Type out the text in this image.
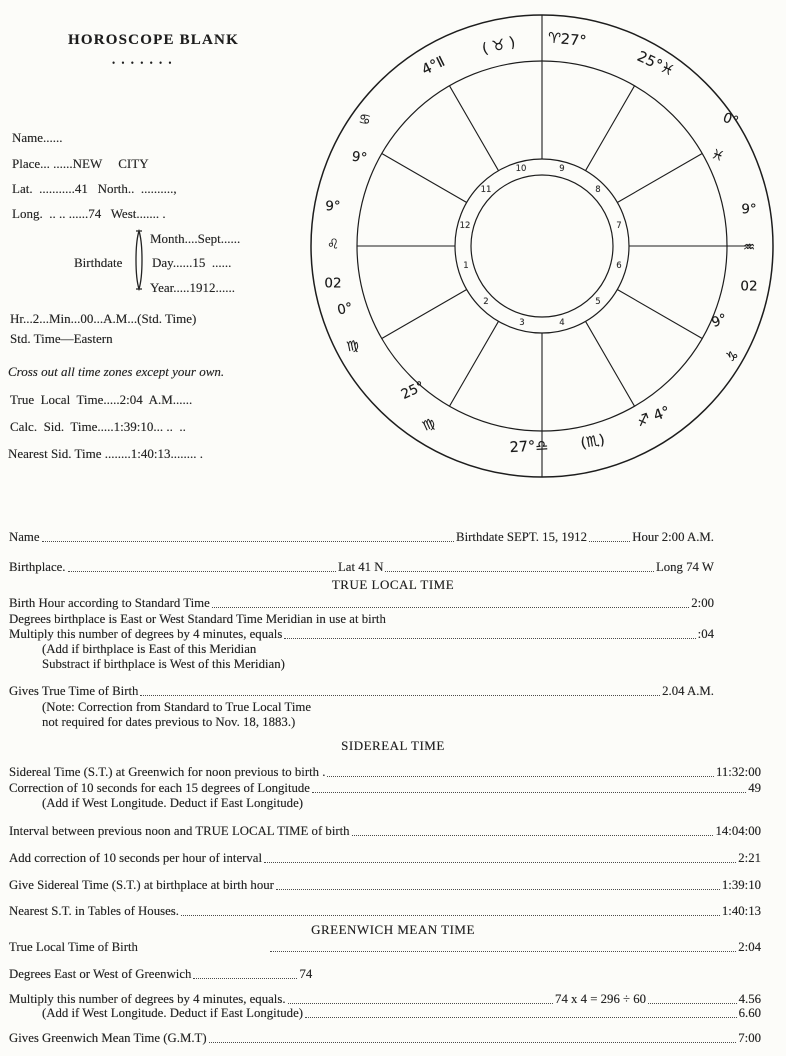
HOROSCOPE BLANK
• • • • • • •
Name......
Place... ......NEW     CITY
Lat.  ...........41   North..  ..........,
Long.  .. .. ......74   West....... .
Birthdate
Month....Sept......
Day......15  ......
Year.....1912......
Hr...2...Min...00...A.M...(Std. Time)
Std. Time—Eastern
Cross out all time zones except your own.
True  Local  Time.....2:04  A.M......
Calc.  Sid.  Time.....1:39:10... ..  ..
Nearest Sid. Time ........1:40:13........ .
1
2
3	4
5
6
7
8
9
10
11
12
4°Ⅱ
( ♉ ) ♈27°
25°♓

0°

♓

9°

♒

02

9°

♑

♐ 4°
(♏)
27°♎

25°

♍

0°

♍

9°

♌

02

♋

9°

Name	Birthdate SEPT. 15, 1912	Hour 2:00 A.M.
Birthplace.	Lat 41 N	Long 74 W
TRUE LOCAL TIME
Birth Hour according to Standard Time	2:00
Degrees birthplace is East or West Standard Time Meridian in use at birth
Multiply this number of degrees by 4 minutes, equals	:04
(Add if birthplace is East of this Meridian
Substract if birthplace is West of this Meridian)
Gives True Time of Birth	2.04 A.M.
(Note: Correction from Standard to True Local Time
not required for dates previous to Nov. 18, 1883.)
SIDEREAL TIME
Sidereal Time (S.T.) at Greenwich for noon previous to birth .	11:32:00
Correction of 10 seconds for each 15 degrees of Longitude	49
(Add if West Longitude. Deduct if East Longitude)
Interval between previous noon and TRUE LOCAL TIME of birth	14:04:00
Add correction of 10 seconds per hour of interval	2:21
Give Sidereal Time (S.T.) at birthplace at birth hour	1:39:10
Nearest S.T. in Tables of Houses.	1:40:13
GREENWICH MEAN TIME
True Local Time of Birth	2:04
Degrees East or West of Greenwich	74
Multiply this number of degrees by 4 minutes, equals.	74 x 4 = 296 ÷ 60	4.56
(Add if West Longitude. Deduct if East Longitude)	6.60
Gives Greenwich Mean Time (G.M.T)	7:00
